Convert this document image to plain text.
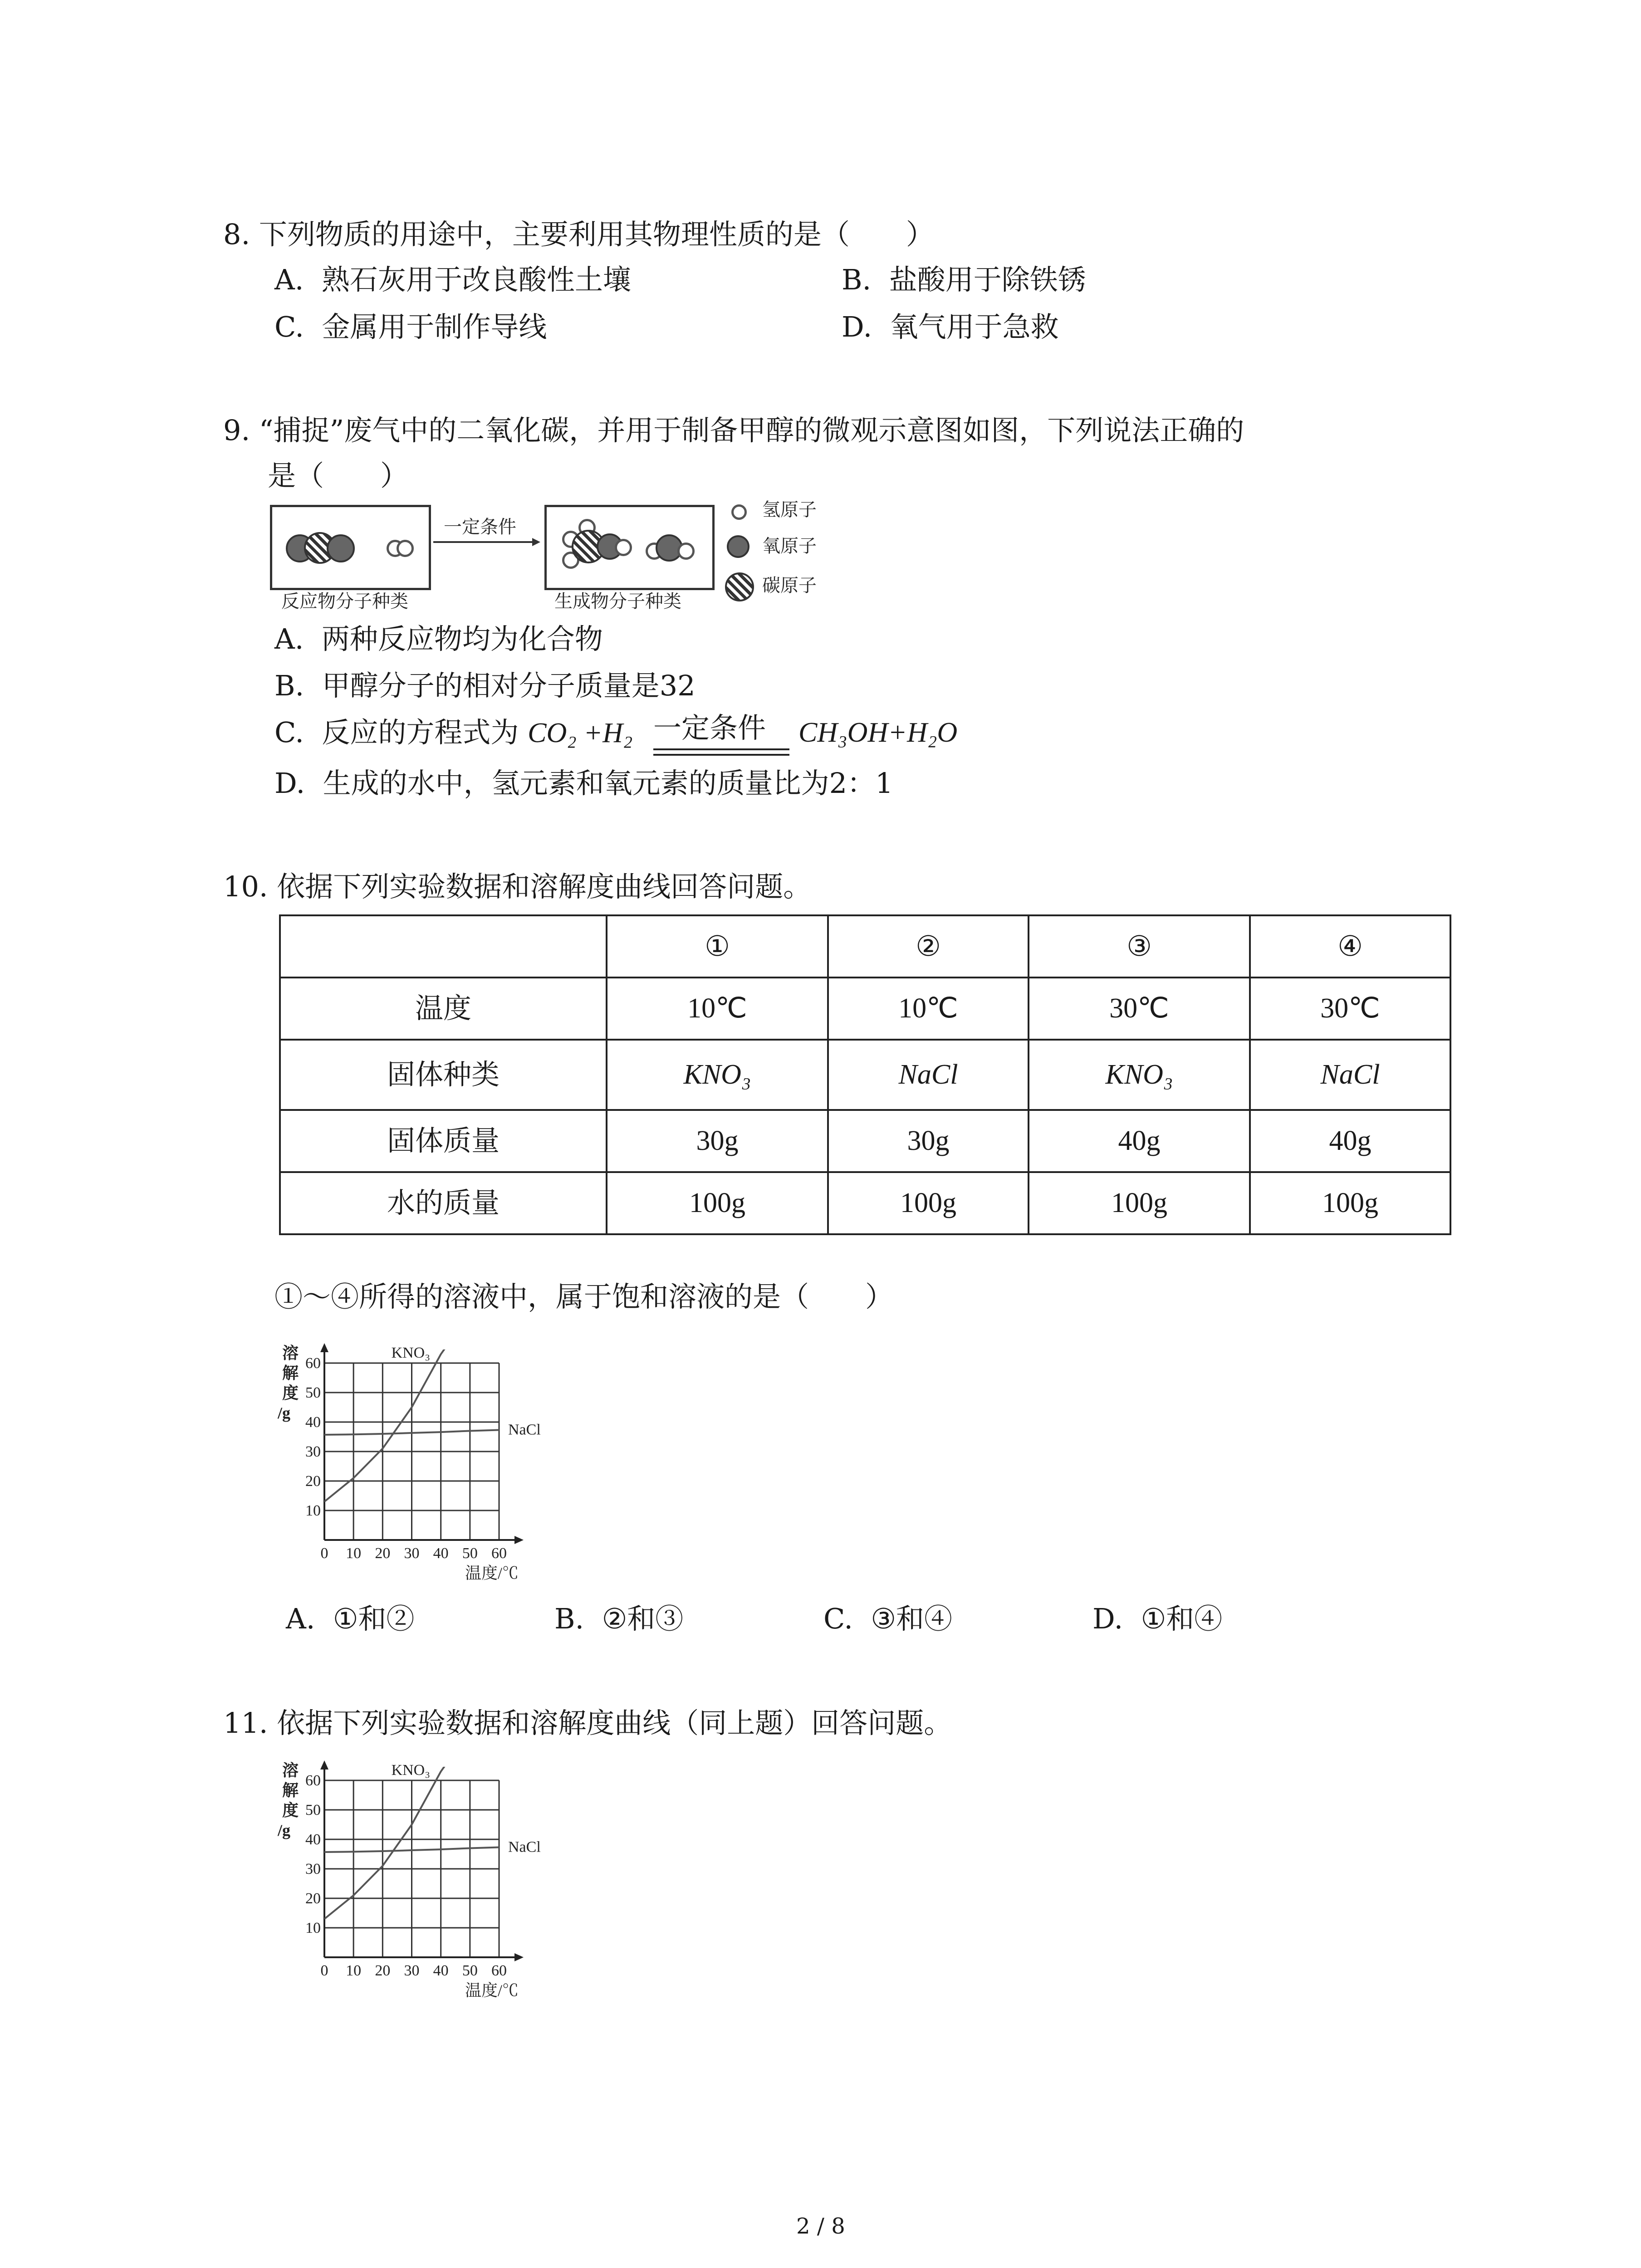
8. 下列物质的用途中，主要利用其物理性质的是（　　）
A. 熟石灰用于改良酸性土壤	B. 盐酸用于除铁锈
C. 金属用于制作导线	D. 氧气用于急救
9. “捕捉”废气中的二氧化碳，并用于制备甲醇的微观示意图如图，下列说法正确的
是（　　）
反应物分子种类
一定条件
生成物分子种类
氢原子
氧原子
碳原子
A. 两种反应物均为化合物
B. 甲醇分子的相对分子质量是32
C. 反应的方程式为 CO₂ +H₂ 一定条件 CH₃OH+H₂O
D. 生成的水中，氢元素和氧元素的质量比为2：1
10. 依据下列实验数据和溶解度曲线回答问题。
	①	②	③	④
温度	10℃	10℃	30℃	30℃
固体种类	KNO₃	NaCl	KNO₃	NaCl
固体质量	30g	30g	40g	40g
水的质量	100g	100g	100g	100g
①～④所得的溶液中，属于饱和溶液的是（　　）
0 10 20 30 40 50 60
10
20
30
40
50
60
溶解度/g
温度/℃
KNO₃
NaCl
A. ①和②	B. ②和③	C. ③和④	D. ①和④
11. 依据下列实验数据和溶解度曲线（同上题）回答问题。
0 10 20 30 40 50 60
10
20
30
40
50
60
溶解度/g
温度/℃
KNO₃
NaCl
2 / 8
